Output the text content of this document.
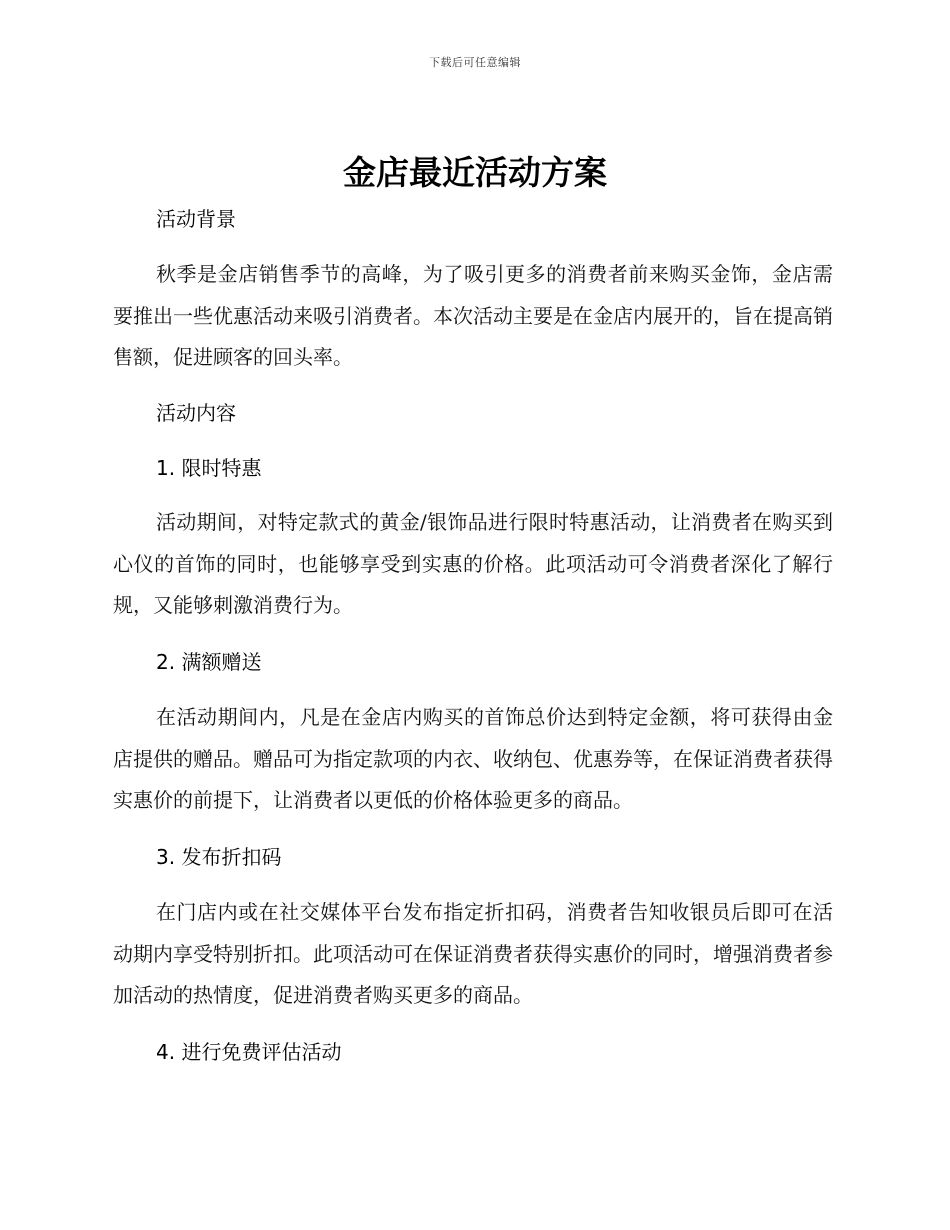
下载后可任意编辑
金店最近活动方案
活动背景
秋季是金店销售季节的高峰，为了吸引更多的消费者前来购买金饰，金店需要推出一些优惠活动来吸引消费者。本次活动主要是在金店内展开的，旨在提高销售额，促进顾客的回头率。
活动内容
1. 限时特惠
活动期间，对特定款式的黄金/银饰品进行限时特惠活动，让消费者在购买到心仪的首饰的同时，也能够享受到实惠的价格。此项活动可令消费者深化了解行规，又能够刺激消费行为。
2. 满额赠送
在活动期间内，凡是在金店内购买的首饰总价达到特定金额，将可获得由金店提供的赠品。赠品可为指定款项的内衣、收纳包、优惠券等，在保证消费者获得实惠价的前提下，让消费者以更低的价格体验更多的商品。
3. 发布折扣码
在门店内或在社交媒体平台发布指定折扣码，消费者告知收银员后即可在活动期内享受特别折扣。此项活动可在保证消费者获得实惠价的同时，增强消费者参加活动的热情度，促进消费者购买更多的商品。
4. 进行免费评估活动
